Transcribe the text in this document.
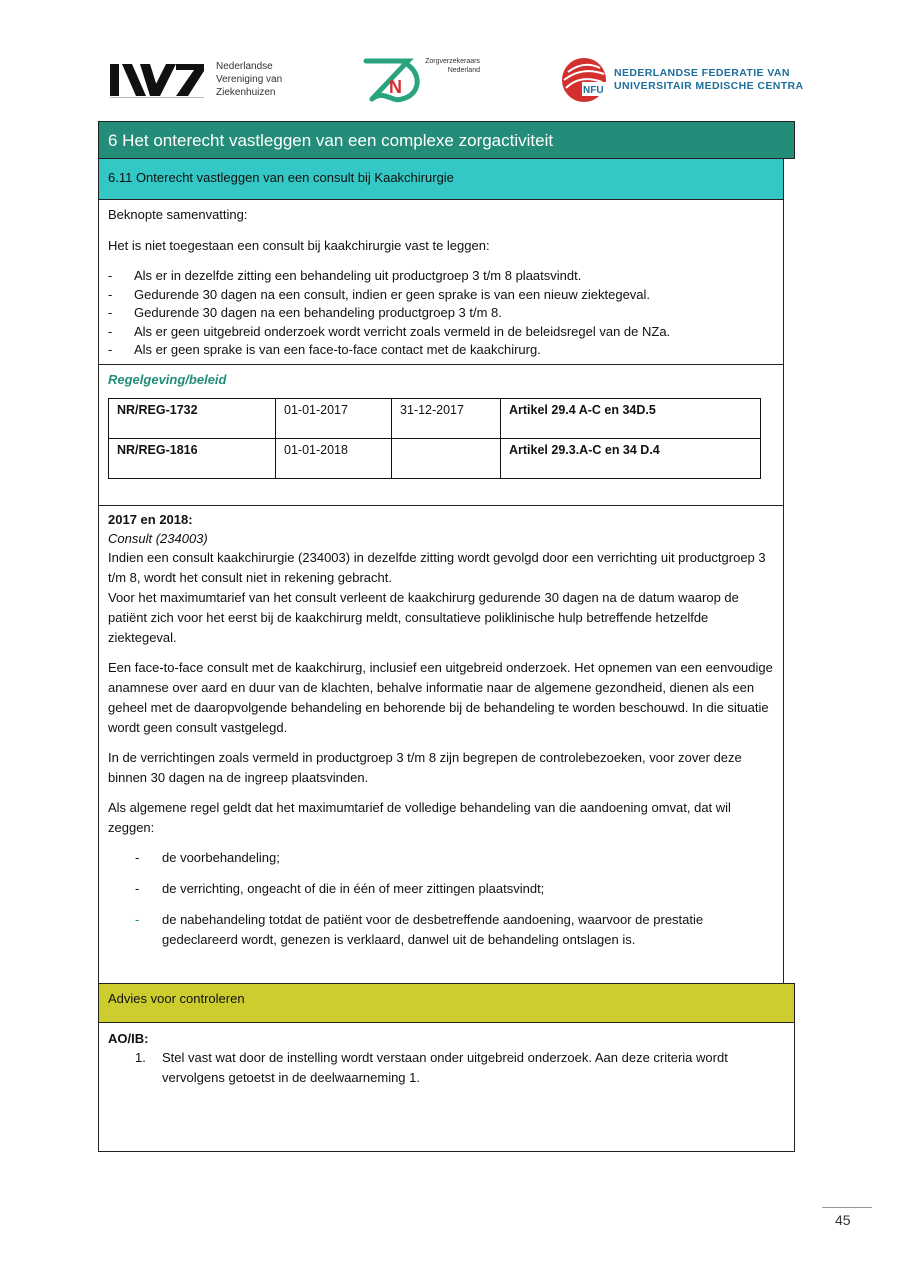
Nederlandse
Vereniging van
Ziekenhuizen	N
Zorgverzekeraars
Nederland
NFU
NEDERLANDSE FEDERATIE VAN
UNIVERSITAIR MEDISCHE CENTRA
6 Het onterecht vastleggen van een complexe zorgactiviteit
6.11 Onterecht vastleggen van een consult bij Kaakchirurgie

Beknopte samenvatting:

Het is niet toegestaan een consult bij kaakchirurgie vast te leggen:

- Als er in dezelfde zitting een behandeling uit productgroep 3 t/m 8 plaatsvindt.
- Gedurende 30 dagen na een consult, indien er geen sprake is van een nieuw ziektegeval.
- Gedurende 30 dagen na een behandeling productgroep 3 t/m 8.
- Als er geen uitgebreid onderzoek wordt verricht zoals vermeld in de beleidsregel van de NZa.
- Als er geen sprake is van een face-to-face contact met de kaakchirurg.

Regelgeving/beleid

NR/REG-1732	01-01-2017	31-12-2017	Artikel 29.4 A-C en 34D.5
NR/REG-1816	01-01-2018		Artikel 29.3.A-C en 34 D.4

2017 en 2018:

Consult (234003)

Indien een consult kaakchirurgie (234003) in dezelfde zitting wordt gevolgd door een verrichting uit productgroep 3 t/m 8, wordt het consult niet in rekening gebracht.

Voor het maximumtarief van het consult verleent de kaakchirurg gedurende 30 dagen na de datum waarop de patiënt zich voor het eerst bij de kaakchirurg meldt, consultatieve poliklinische hulp betreffende hetzelfde ziektegeval.

Een face-to-face consult met de kaakchirurg, inclusief een uitgebreid onderzoek. Het opnemen van een eenvoudige anamnese over aard en duur van de klachten, behalve informatie naar de algemene gezondheid, dienen als een geheel met de daaropvolgende behandeling en behorende bij de behandeling te worden beschouwd. In die situatie wordt geen consult vastgelegd.

In de verrichtingen zoals vermeld in productgroep 3 t/m 8 zijn begrepen de controlebezoeken, voor zover deze binnen 30 dagen na de ingreep plaatsvinden.

Als algemene regel geldt dat het maximumtarief de volledige behandeling van die aandoening omvat, dat wil zeggen:

- de voorbehandeling;
- de verrichting, ongeacht of die in één of meer zittingen plaatsvindt;
- de nabehandeling totdat de patiënt voor de desbetreffende aandoening, waarvoor de prestatie gedeclareerd wordt, genezen is verklaard, danwel uit de behandeling ontslagen is.
Advies voor controleren

AO/IB:

1. Stel vast wat door de instelling wordt verstaan onder uitgebreid onderzoek. Aan deze criteria wordt vervolgens getoetst in de deelwaarneming 1.
45
